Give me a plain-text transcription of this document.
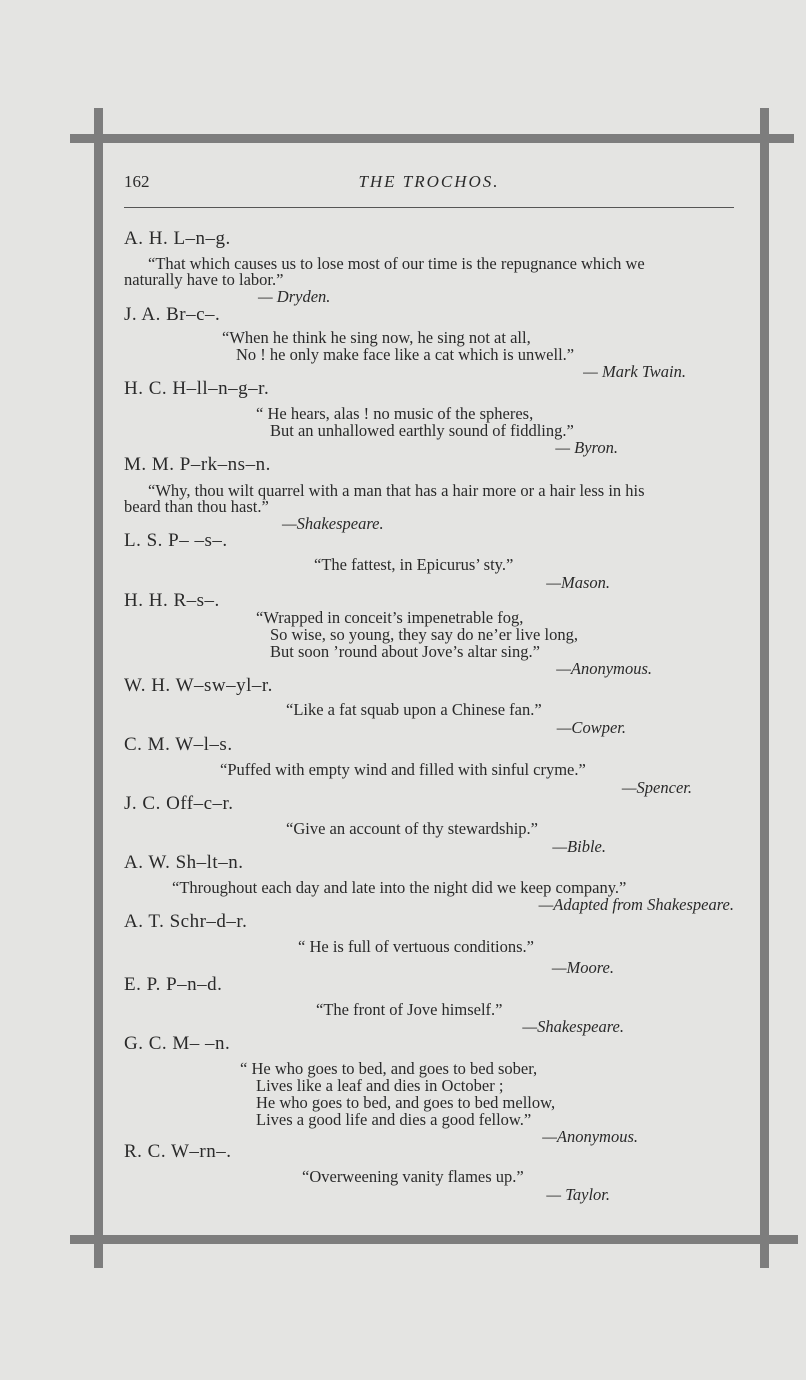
162	THE TROCHOS.
A. H. L–n–g.
“That which causes us to lose most of our time is the repugnance which we
naturally have to labor.”
— Dryden.
J. A. Br–c–.
“When he think he sing now, he sing not at all,
No ! he only make face like a cat which is unwell.”
— Mark Twain.
H. C. H–ll–n–g–r.
“ He hears, alas ! no music of the spheres,
But an unhallowed earthly sound of fiddling.”
— Byron.
M. M. P–rk–ns–n.
“Why, thou wilt quarrel with a man that has a hair more or a hair less in his
beard than thou hast.”
—Shakespeare.
L. S. P– –s–.
“The fattest, in Epicurus’ sty.”
—Mason.
H. H. R–s–.
“Wrapped in conceit’s impenetrable fog,
So wise, so young, they say do ne’er live long,
But soon ’round about Jove’s altar sing.”
—Anonymous.
W. H. W–sw–yl–r.
“Like a fat squab upon a Chinese fan.”
—Cowper.
C. M. W–l–s.
“Puffed with empty wind and filled with sinful cryme.”
—Spencer.
J. C. Off–c–r.
“Give an account of thy stewardship.”
—Bible.
A. W. Sh–lt–n.
“Throughout each day and late into the night did we keep company.”
—Adapted from Shakespeare.
A. T. Schr–d–r.
“ He is full of vertuous conditions.”
—Moore.
E. P. P–n–d.
“The front of Jove himself.”
—Shakespeare.
G. C. M– –n.
“ He who goes to bed, and goes to bed sober,
Lives like a leaf and dies in October ;
He who goes to bed, and goes to bed mellow,
Lives a good life and dies a good fellow.”
—Anonymous.
R. C. W–rn–.
“Overweening vanity flames up.”
— Taylor.
